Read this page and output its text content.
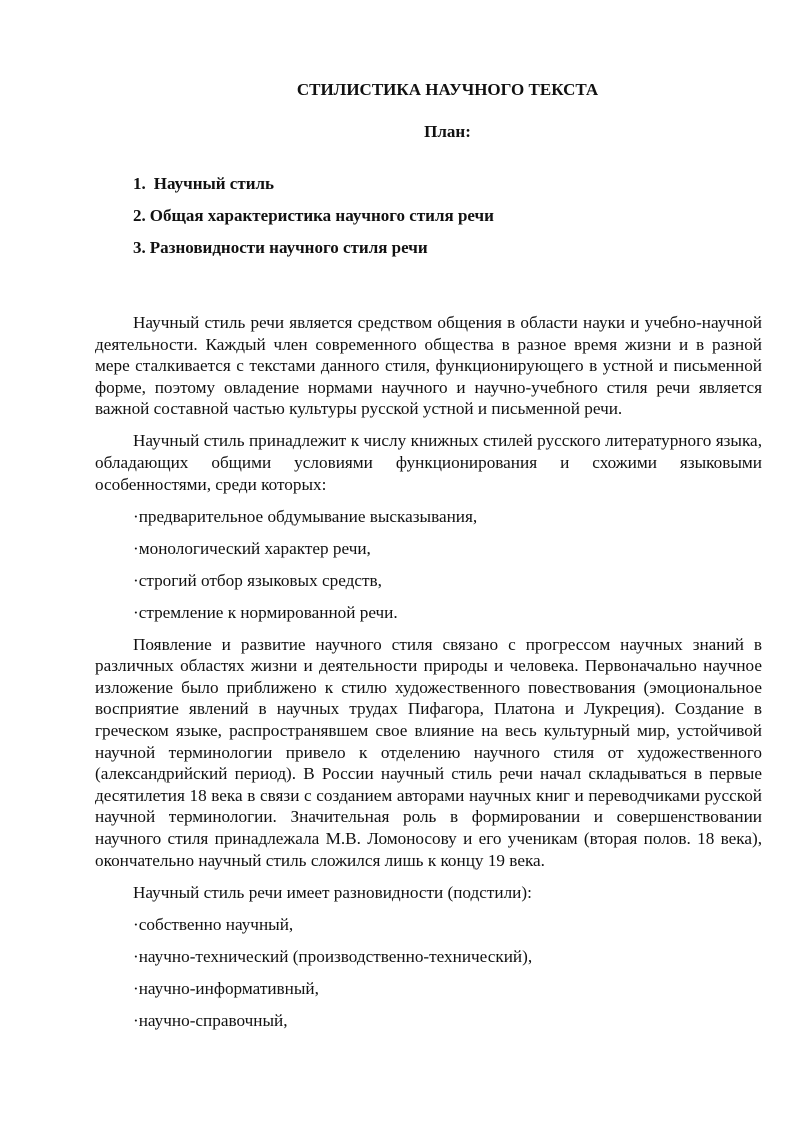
СТИЛИСТИКА НАУЧНОГО ТЕКСТА
План:
1. Научный стиль
2. Общая характеристика научного стиля речи
3. Разновидности научного стиля речи

Научный стиль речи является средством общения в области науки и учебно-научной деятельности. Каждый член современного общества в разное время жизни и в разной мере сталкивается с текстами данного стиля, функционирующего в устной и письменной форме, поэтому овладение нормами научного и научно-учебного стиля речи является важной составной частью культуры русской устной и письменной речи.

Научный стиль принадлежит к числу книжных стилей русского литературного языка, обладающих общими условиями функционирования и схожими языковыми особенностями, среди которых:

·предварительное обдумывание высказывания,

·монологический характер речи,

·строгий отбор языковых средств,

·стремление к нормированной речи.

Появление и развитие научного стиля связано с прогрессом научных знаний в различных областях жизни и деятельности природы и человека. Первоначально научное изложение было приближено к стилю художественного повествования (эмоциональное восприятие явлений в научных трудах Пифагора, Платона и Лукреция). Создание в греческом языке, распространявшем свое влияние на весь культурный мир, устойчивой научной терминологии привело к отделению научного стиля от художественного (александрийский период). В России научный стиль речи начал складываться в первые десятилетия 18 века в связи с созданием авторами научных книг и переводчиками русской научной терминологии. Значительная роль в формировании и совершенствовании научного стиля принадлежала М.В. Ломоносову и его ученикам (вторая полов. 18 века), окончательно научный стиль сложился лишь к концу 19 века.

Научный стиль речи имеет разновидности (подстили):

·собственно научный,

·научно-технический (производственно-технический),

·научно-информативный,

·научно-справочный,
